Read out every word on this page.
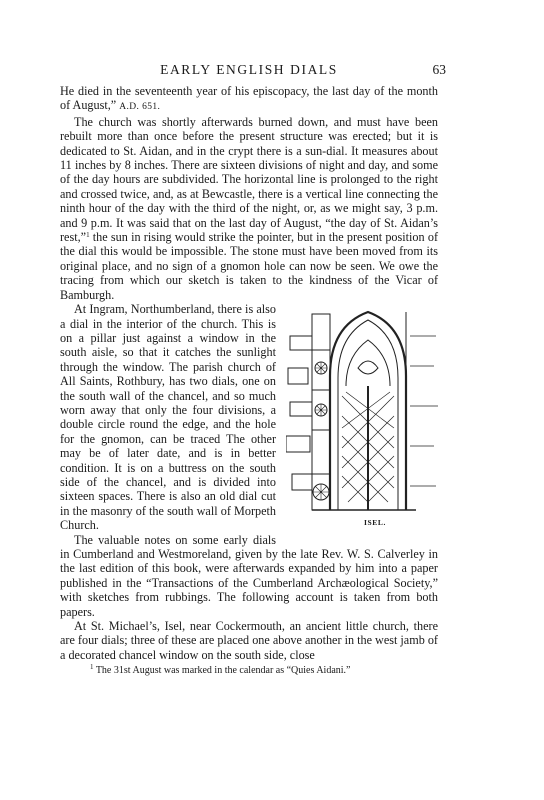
EARLY ENGLISH DIALS	63

He died in the seventeenth year of his episcopacy, the last day of the month of August,” A.D. 651.

The church was shortly afterwards burned down, and must have been rebuilt more than once before the present structure was erected; but it is dedicated to St. Aidan, and in the crypt there is a sun-dial. It measures about 11 inches by 8 inches. There are sixteen divisions of night and day, and some of the day hours are subdivided. The horizontal line is prolonged to the right and crossed twice, and, as at Bewcastle, there is a vertical line connecting the ninth hour of the day with the third of the night, or, as we might say, 3 p.m. and 9 p.m. It was said that on the last day of August, “the day of St. Aidan’s rest,”$^1$ the sun in rising would strike the pointer, but in the present position of the dial this would be impossible. The stone must have been moved from its original place, and no sign of a gnomon hole can now be seen. We owe the tracing from which our sketch is taken to the kindness of the Vicar of Bamburgh.

ISEL.
At Ingram, Northumberland, there is also a dial in the interior of the church. This is on a pillar just against a window in the south aisle, so that it catches the sunlight through the window. The parish church of All Saints, Rothbury, has two dials, one on the south wall of the chancel, and so much worn away that only the four divisions, a double circle round the edge, and the hole for the gnomon, can be traced The other may be of later date, and is in better condition. It is on a buttress on the south side of the chancel, and is divided into sixteen spaces. There is also an old dial cut in the masonry of the south wall of Morpeth Church.

The valuable notes on some early dials in Cumberland and Westmoreland, given by the late Rev. W. S. Calverley in the last edition of this book, were afterwards expanded by him into a paper published in the “Transactions of the Cumberland Archæological Society,” with sketches from rubbings. The following account is taken from both papers.

At St. Michael’s, Isel, near Cockermouth, an ancient little church, there are four dials; three of these are placed one above another in the west jamb of a decorated chancel window on the south side, close

$^1$ The 31st August was marked in the calendar as “Quies Aidani.”
